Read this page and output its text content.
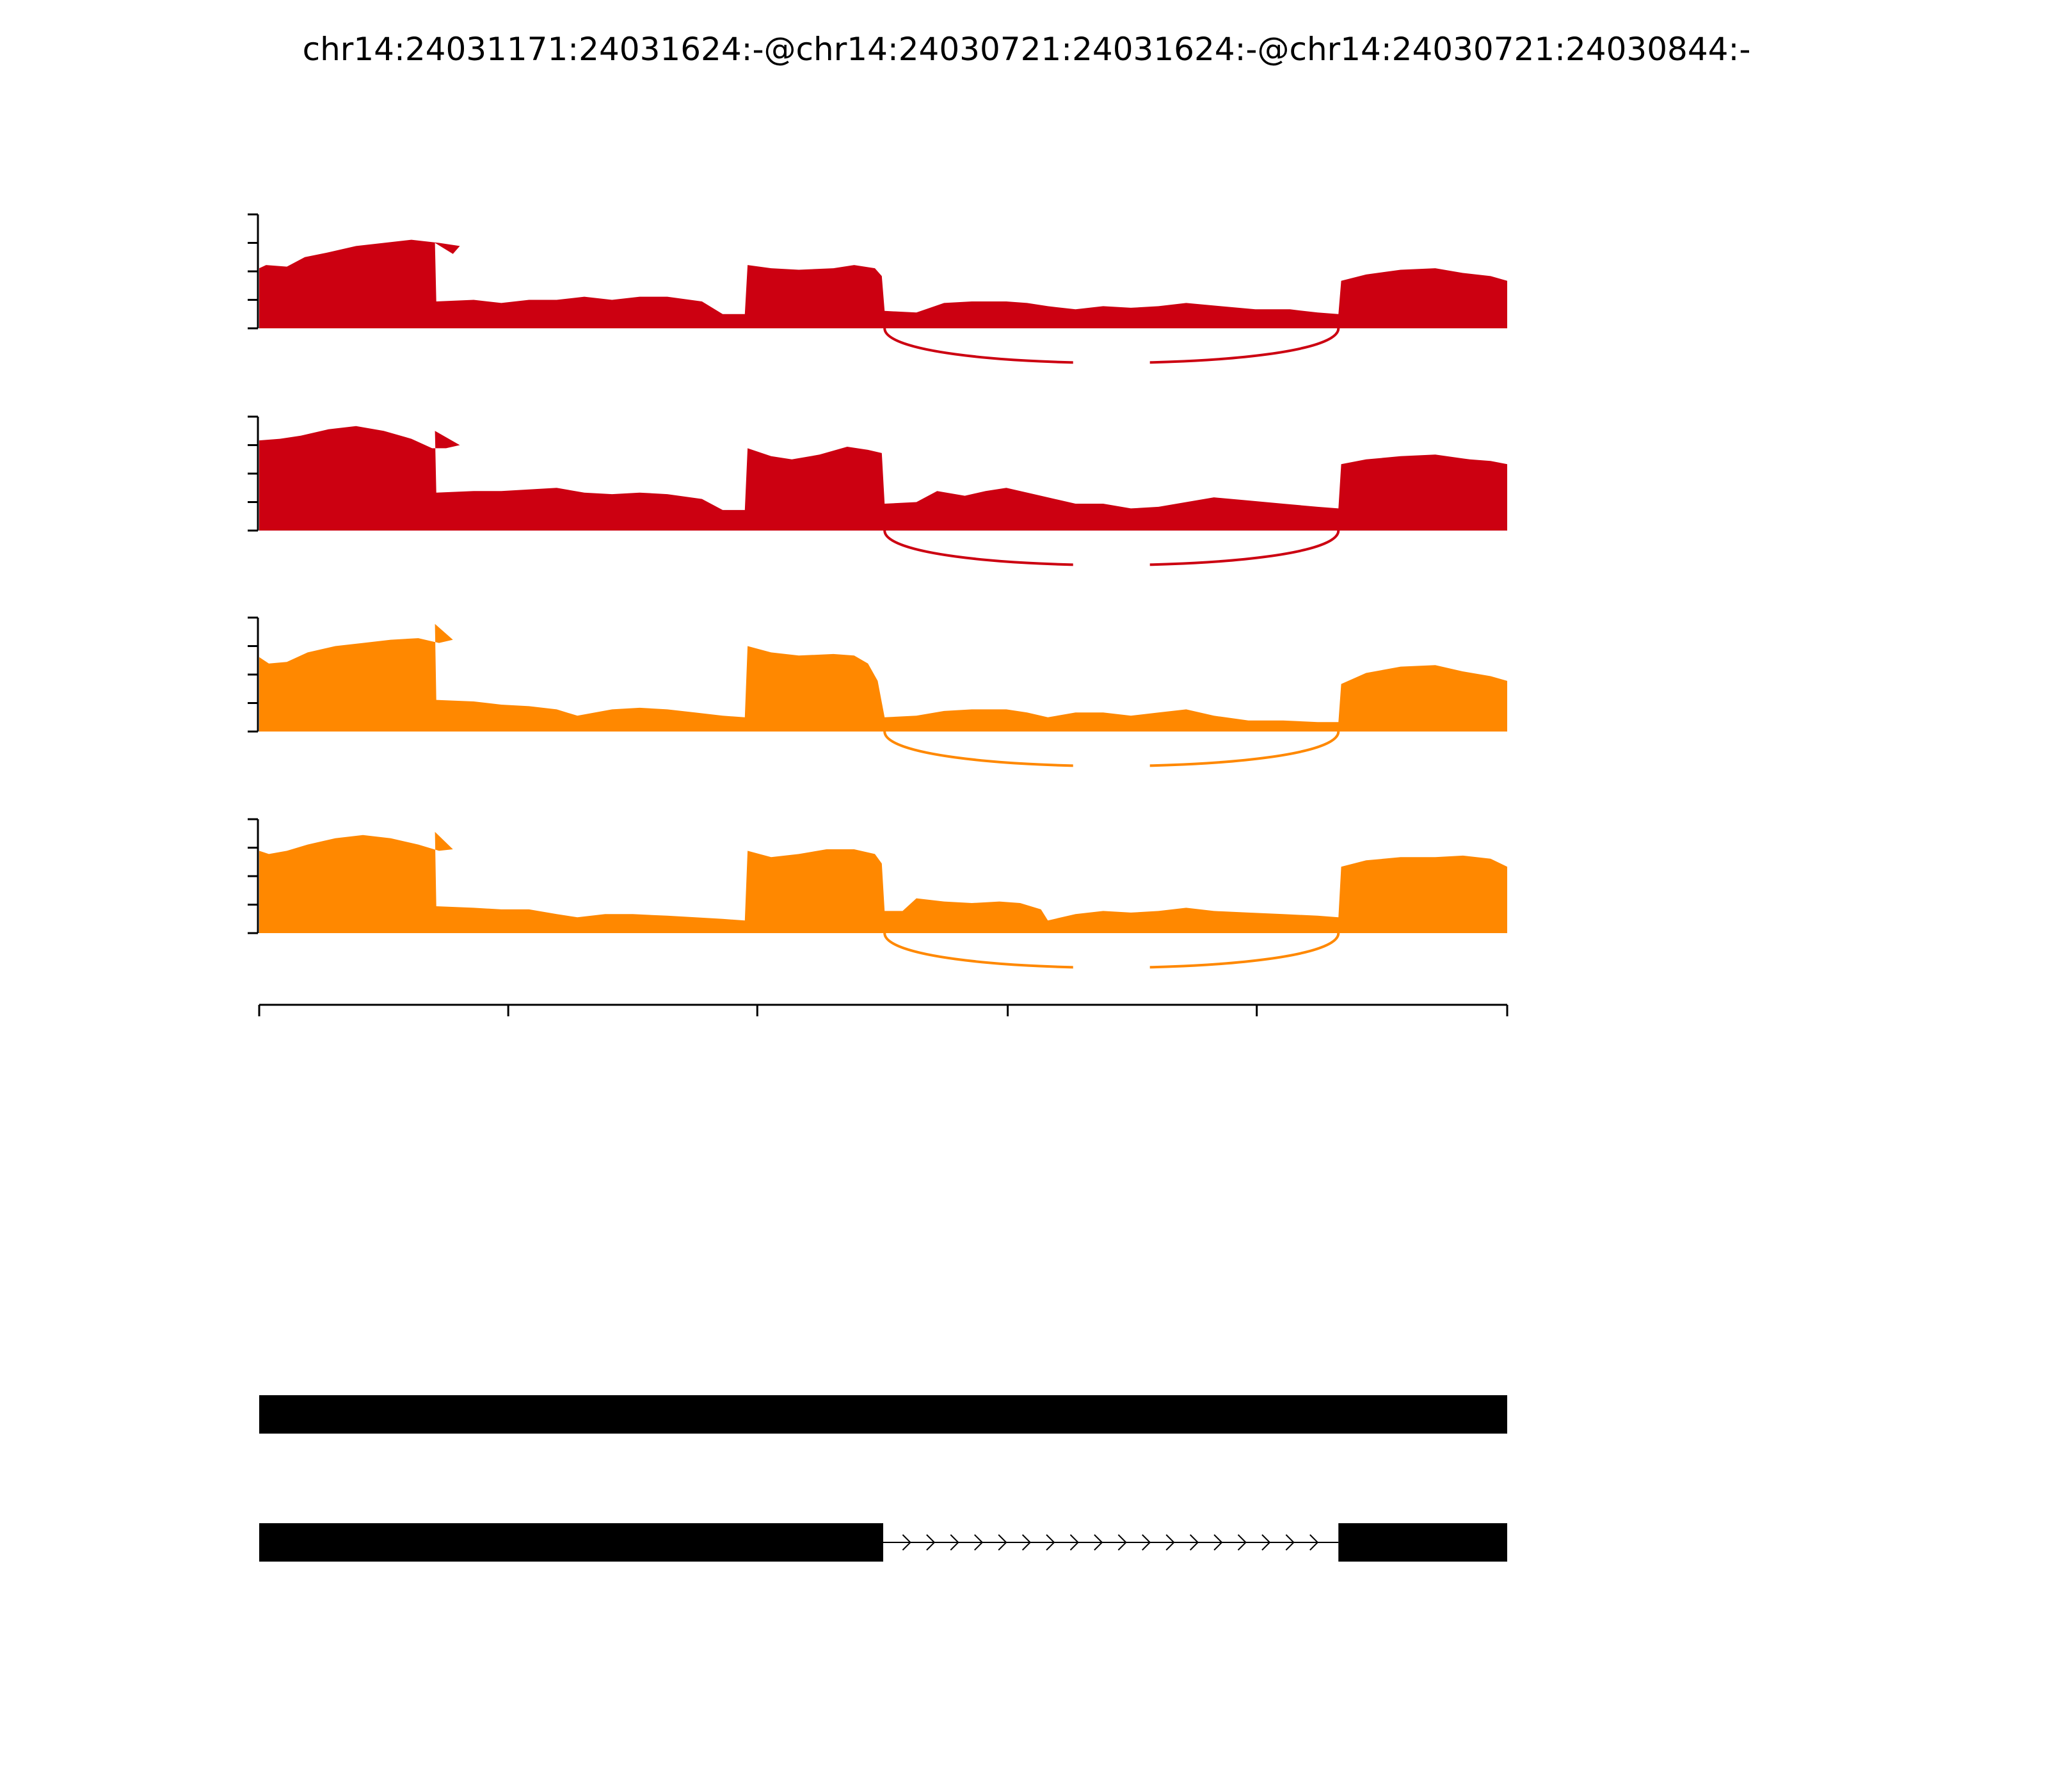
chr14:24031171:24031624:-@chr14:24030721:24031624:-@chr14:24030721:24030844:-
